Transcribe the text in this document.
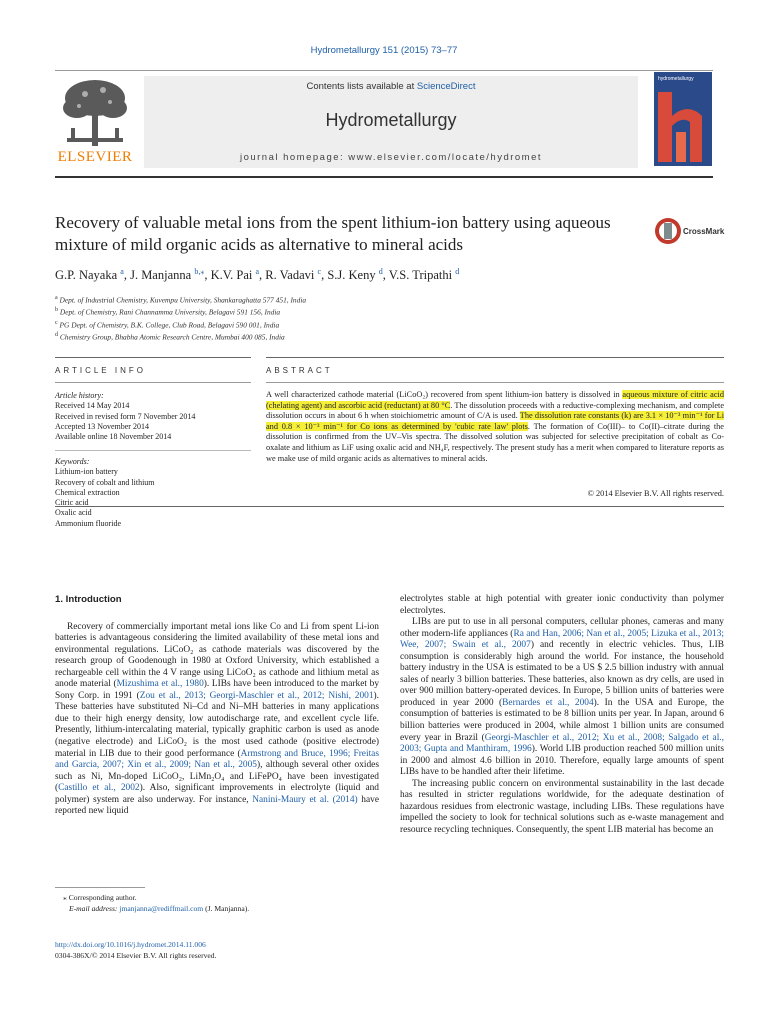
Hydrometallurgy 151 (2015) 73–77
ELSEVIER
Contents lists available at ScienceDirect
Hydrometallurgy
journal homepage: www.elsevier.com/locate/hydromet
hydrometallurgy
Recovery of valuable metal ions from the spent lithium-ion battery using aqueous mixture of mild organic acids as alternative to mineral acids
CrossMark
G.P. Nayaka $^a$, J. Manjanna $^{b,⁎}$, K.V. Pai $^a$, R. Vadavi $^c$, S.J. Keny $^d$, V.S. Tripathi $^d$
$^a$ Dept. of Industrial Chemistry, Kuvempu University, Shankaraghatta 577 451, India
$^b$ Dept. of Chemistry, Rani Channamma University, Belagavi 591 156, India
$^c$ PG Dept. of Chemistry, B.K. College, Club Road, Belagavi 590 001, India
$^d$ Chemistry Group, Bhabha Atomic Research Centre, Mumbai 400 085, India
ARTICLE INFO	ABSTRACT
Article history:
Received 14 May 2014
Received in revised form 7 November 2014
Accepted 13 November 2014
Available online 18 November 2014
Keywords:
Lithium-ion battery
Recovery of cobalt and lithium
Chemical extraction
Citric acid
Oxalic acid
Ammonium fluoride
A well characterized cathode material (LiCoO₂) recovered from spent lithium-ion battery is dissolved in aqueous mixture of citric acid (chelating agent) and ascorbic acid (reductant) at 80 °C. The dissolution proceeds with a reductive-complexing mechanism, and complete dissolution occurs in about 6 h when stoichiometric amount of C/A is used. The dissolution rate constants (k) are 3.1 × 10⁻³ min⁻¹ for Li and 0.8 × 10⁻³ min⁻¹ for Co ions as determined by 'cubic rate law' plots. The formation of Co(III)– to Co(II)–citrate during the dissolution is confirmed from the UV–Vis spectra. The dissolved solution was subjected for selective precipitation of cobalt as Co-oxalate and lithium as LiF using oxalic acid and NH₄F, respectively. The present study has a merit when compared to literature reports as we make use of mild organic acids as alternatives to mineral acids.
© 2014 Elsevier B.V. All rights reserved.
1. Introduction

Recovery of commercially important metal ions like Co and Li from spent Li-ion batteries is advantageous considering the limited availability of these metal ions and environmental regulations. LiCoO₂ as cathode materials was discovered by the research group of Goodenough in 1980 at Oxford University, which established a rechargeable cell within the 4 V range using LiCoO₂ as cathode and lithium metal as anode material (Mizushima et al., 1980). LIBs have been introduced to the market by Sony Corp. in 1991 (Zou et al., 2013; Georgi-Maschler et al., 2012; Nishi, 2001). These batteries have substituted Ni–Cd and Ni–MH batteries in many applications due to their high energy density, low autodischarge rate, and excellent cycle life. Presently, lithium-intercalating material, typically graphitic carbon is used as anode (negative electrode) and LiCoO₂ is the most used cathode (positive electrode) material in LIB due to their good performance (Armstrong and Bruce, 1996; Freitas and Garcia, 2007; Xin et al., 2009; Nan et al., 2005), although several other oxides such as Ni, Mn-doped LiCoO₂, LiMn₂O₄ and LiFePO₄ have been investigated (Castillo et al., 2002). Also, significant improvements in electrolyte (liquid and polymer) system are also underway. For instance, Nanini-Maury et al. (2014) have reported new liquid

electrolytes stable at high potential with greater ionic conductivity than polymer electrolytes.

LIBs are put to use in all personal computers, cellular phones, cameras and many other modern-life appliances (Ra and Han, 2006; Nan et al., 2005; Lizuka et al., 2013; Wee, 2007; Swain et al., 2007) and recently in electric vehicles. Thus, LIB consumption is considerably high around the world. For instance, the household battery industry in the USA is estimated to be a US $ 2.5 billion industry with annual sales of nearly 3 billion batteries. These batteries, also known as dry cells, are used in over 900 million battery-operated devices. In Europe, 5 billion units of batteries were produced in year 2000 (Bernardes et al., 2004). In the USA and Europe, the consumption of batteries is estimated to be 8 billion units per year. In Japan, around 6 billion batteries were produced in 2004, while almost 1 billion units are consumed every year in Brazil (Georgi-Maschler et al., 2012; Xu et al., 2008; Salgado et al., 2003; Gupta and Manthiram, 1996). World LIB production reached 500 million units in 2000 and almost 4.6 billion in 2010. Therefore, equally large amounts of spent LIBs have to be handled after their lifetime.

The increasing public concern on environmental sustainability in the last decade has resulted in stricter regulations worldwide, for the adequate destination of hazardous residues from electronic wastage, including LIBs. These regulations have impelled the society to look for technical solutions such as e-waste management and resource recycling techniques. Consequently, the spent LIB material has become an

⁎ Corresponding author.
E-mail address: jmanjanna@rediffmail.com (J. Manjanna).
http://dx.doi.org/10.1016/j.hydromet.2014.11.006
0304-386X/© 2014 Elsevier B.V. All rights reserved.
